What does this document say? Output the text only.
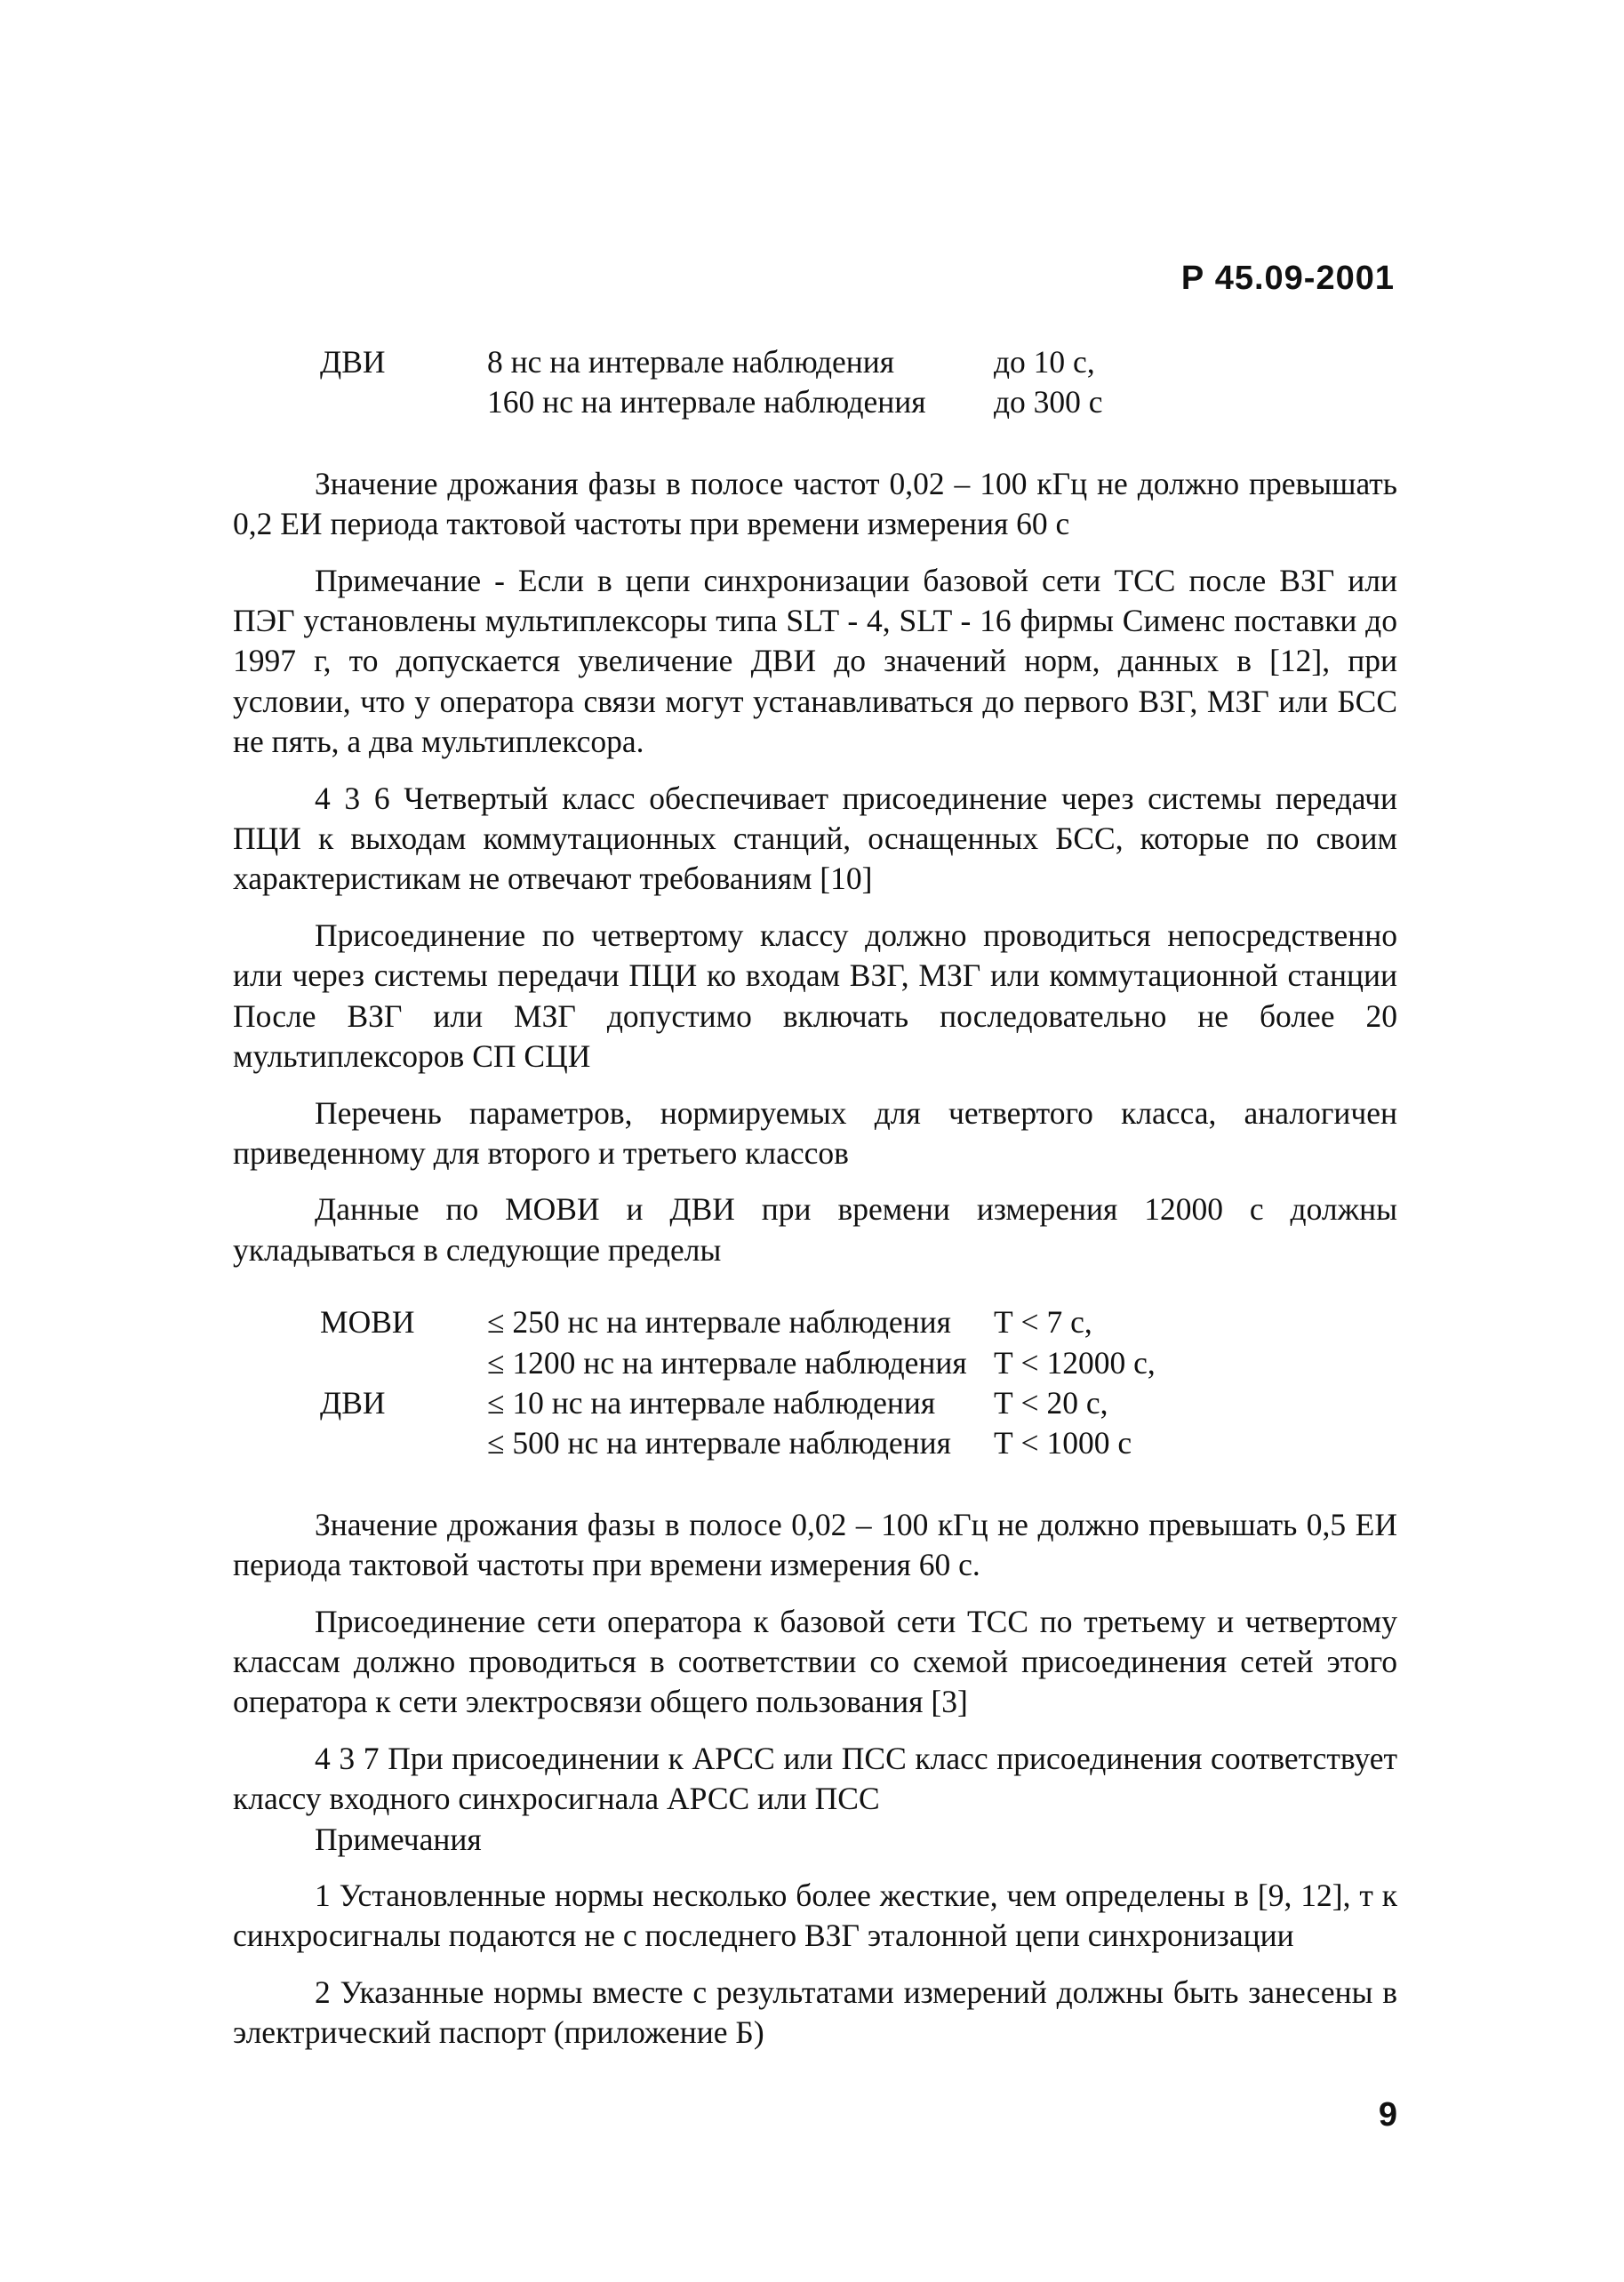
Р 45.09-2001
ДВИ	8 нс на интервале наблюдения	до 10 с,
	160 нс на интервале наблюдения	до 300 с

Значение дрожания фазы в полосе частот 0,02 – 100 кГц не должно превышать 0,2 ЕИ периода тактовой частоты при времени измерения 60 с

Примечание - Если в цепи синхронизации базовой сети ТСС после ВЗГ или ПЭГ установлены мультиплексоры типа SLT - 4, SLT - 16 фирмы Сименс поставки до 1997 г, то допускается увеличение ДВИ до значений норм, данных в [12], при условии, что у оператора связи могут устанавливаться до первого ВЗГ, МЗГ или БСС не пять, а два мультиплексора.

4 3 6 Четвертый класс обеспечивает присоединение через системы передачи ПЦИ к выходам коммутационных станций, оснащенных БСС, которые по своим характеристикам не отвечают требованиям [10]

Присоединение по четвертому классу должно проводиться непосредственно или через системы передачи ПЦИ ко входам ВЗГ, МЗГ или коммутационной станции После ВЗГ или МЗГ допустимо включать последовательно не более 20 мультиплексоров СП СЦИ

Перечень параметров, нормируемых для четвертого класса, аналогичен приведенному для второго и третьего классов

Данные по МОВИ и ДВИ при времени измерения 12000 с должны укладываться в следующие пределы

МОВИ	≤ 250 нс на интервале наблюдения	Т < 7 с,
	≤ 1200 нс на интервале наблюдения	Т < 12000 с,
ДВИ	≤ 10 нс на интервале наблюдения	Т < 20 с,
	≤ 500 нс на интервале наблюдения	Т < 1000 с

Значение дрожания фазы в полосе 0,02 – 100 кГц не должно превышать 0,5 ЕИ периода тактовой частоты при времени измерения 60 с.

Присоединение сети оператора к базовой сети ТСС по третьему и четвертому классам должно проводиться в соответствии со схемой присоединения сетей этого оператора к сети электросвязи общего пользования [3]

4 3 7 При присоединении к АРСС или ПСС класс присоединения соответствует классу входного синхросигнала АРСС или ПСС

Примечания

1 Установленные нормы несколько более жесткие, чем определены в [9, 12], т к синхросигналы подаются не с последнего ВЗГ эталонной цепи синхронизации

2 Указанные нормы вместе с результатами измерений должны быть занесены в электрический паспорт (приложение Б)

9
